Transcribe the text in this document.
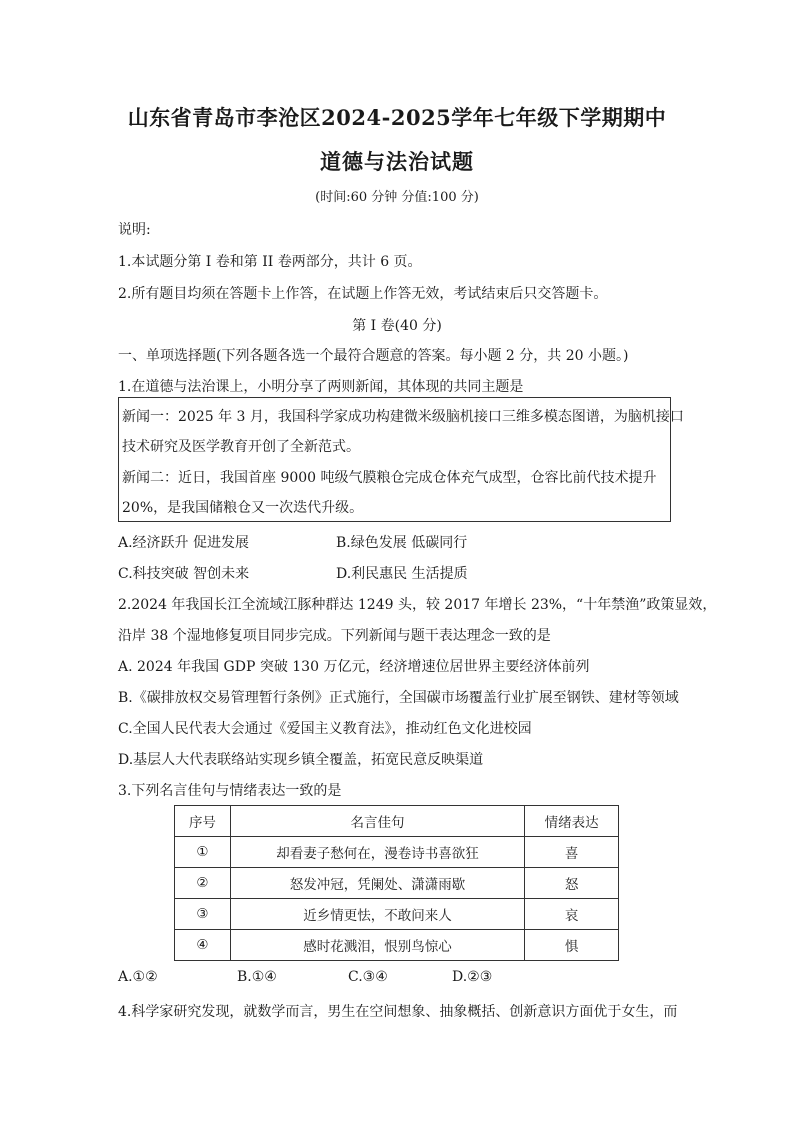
山东省青岛市李沧区2024-2025学年七年级下学期期中
道德与法治试题
(时间:60 分钟 分值:100 分)
说明:
1.本试题分第 I 卷和第 II 卷两部分，共计 6 页。
2.所有题目均须在答题卡上作答，在试题上作答无效，考试结束后只交答题卡。
第 I 卷(40 分)
一、单项选择题(下列各题各选一个最符合题意的答案。每小题 2 分，共 20 小题。)
1.在道德与法治课上，小明分享了两则新闻，其体现的共同主题是
新闻一：2025 年 3 月，我国科学家成功构建微米级脑机接口三维多模态图谱，为脑机接口
技术研究及医学教育开创了全新范式。
新闻二：近日，我国首座 9000 吨级气膜粮仓完成仓体充气成型，仓容比前代技术提升
20%，是我国储粮仓又一次迭代升级。
A.经济跃升 促进发展	B.绿色发展 低碳同行
C.科技突破 智创未来	D.利民惠民 生活提质
2.2024 年我国长江全流域江豚种群达 1249 头，较 2017 年增长 23%，“十年禁渔”政策显效，
沿岸 38 个湿地修复项目同步完成。下列新闻与题干表达理念一致的是
A. 2024 年我国 GDP 突破 130 万亿元，经济增速位居世界主要经济体前列
B.《碳排放权交易管理暂行条例》正式施行，全国碳市场覆盖行业扩展至钢铁、建材等领域
C.全国人民代表大会通过《爱国主义教育法》，推动红色文化进校园
D.基层人大代表联络站实现乡镇全覆盖，拓宽民意反映渠道
3.下列名言佳句与情绪表达一致的是
序号	名言佳句	情绪表达
①	却看妻子愁何在，漫卷诗书喜欲狂	喜
②	怒发冲冠，凭阑处、潇潇雨歇	怒
③	近乡情更怯，不敢问来人	哀
④	感时花溅泪，恨别鸟惊心	惧
A.①②	B.①④	C.③④	D.②③
4.科学家研究发现，就数学而言，男生在空间想象、抽象概括、创新意识方面优于女生，而
